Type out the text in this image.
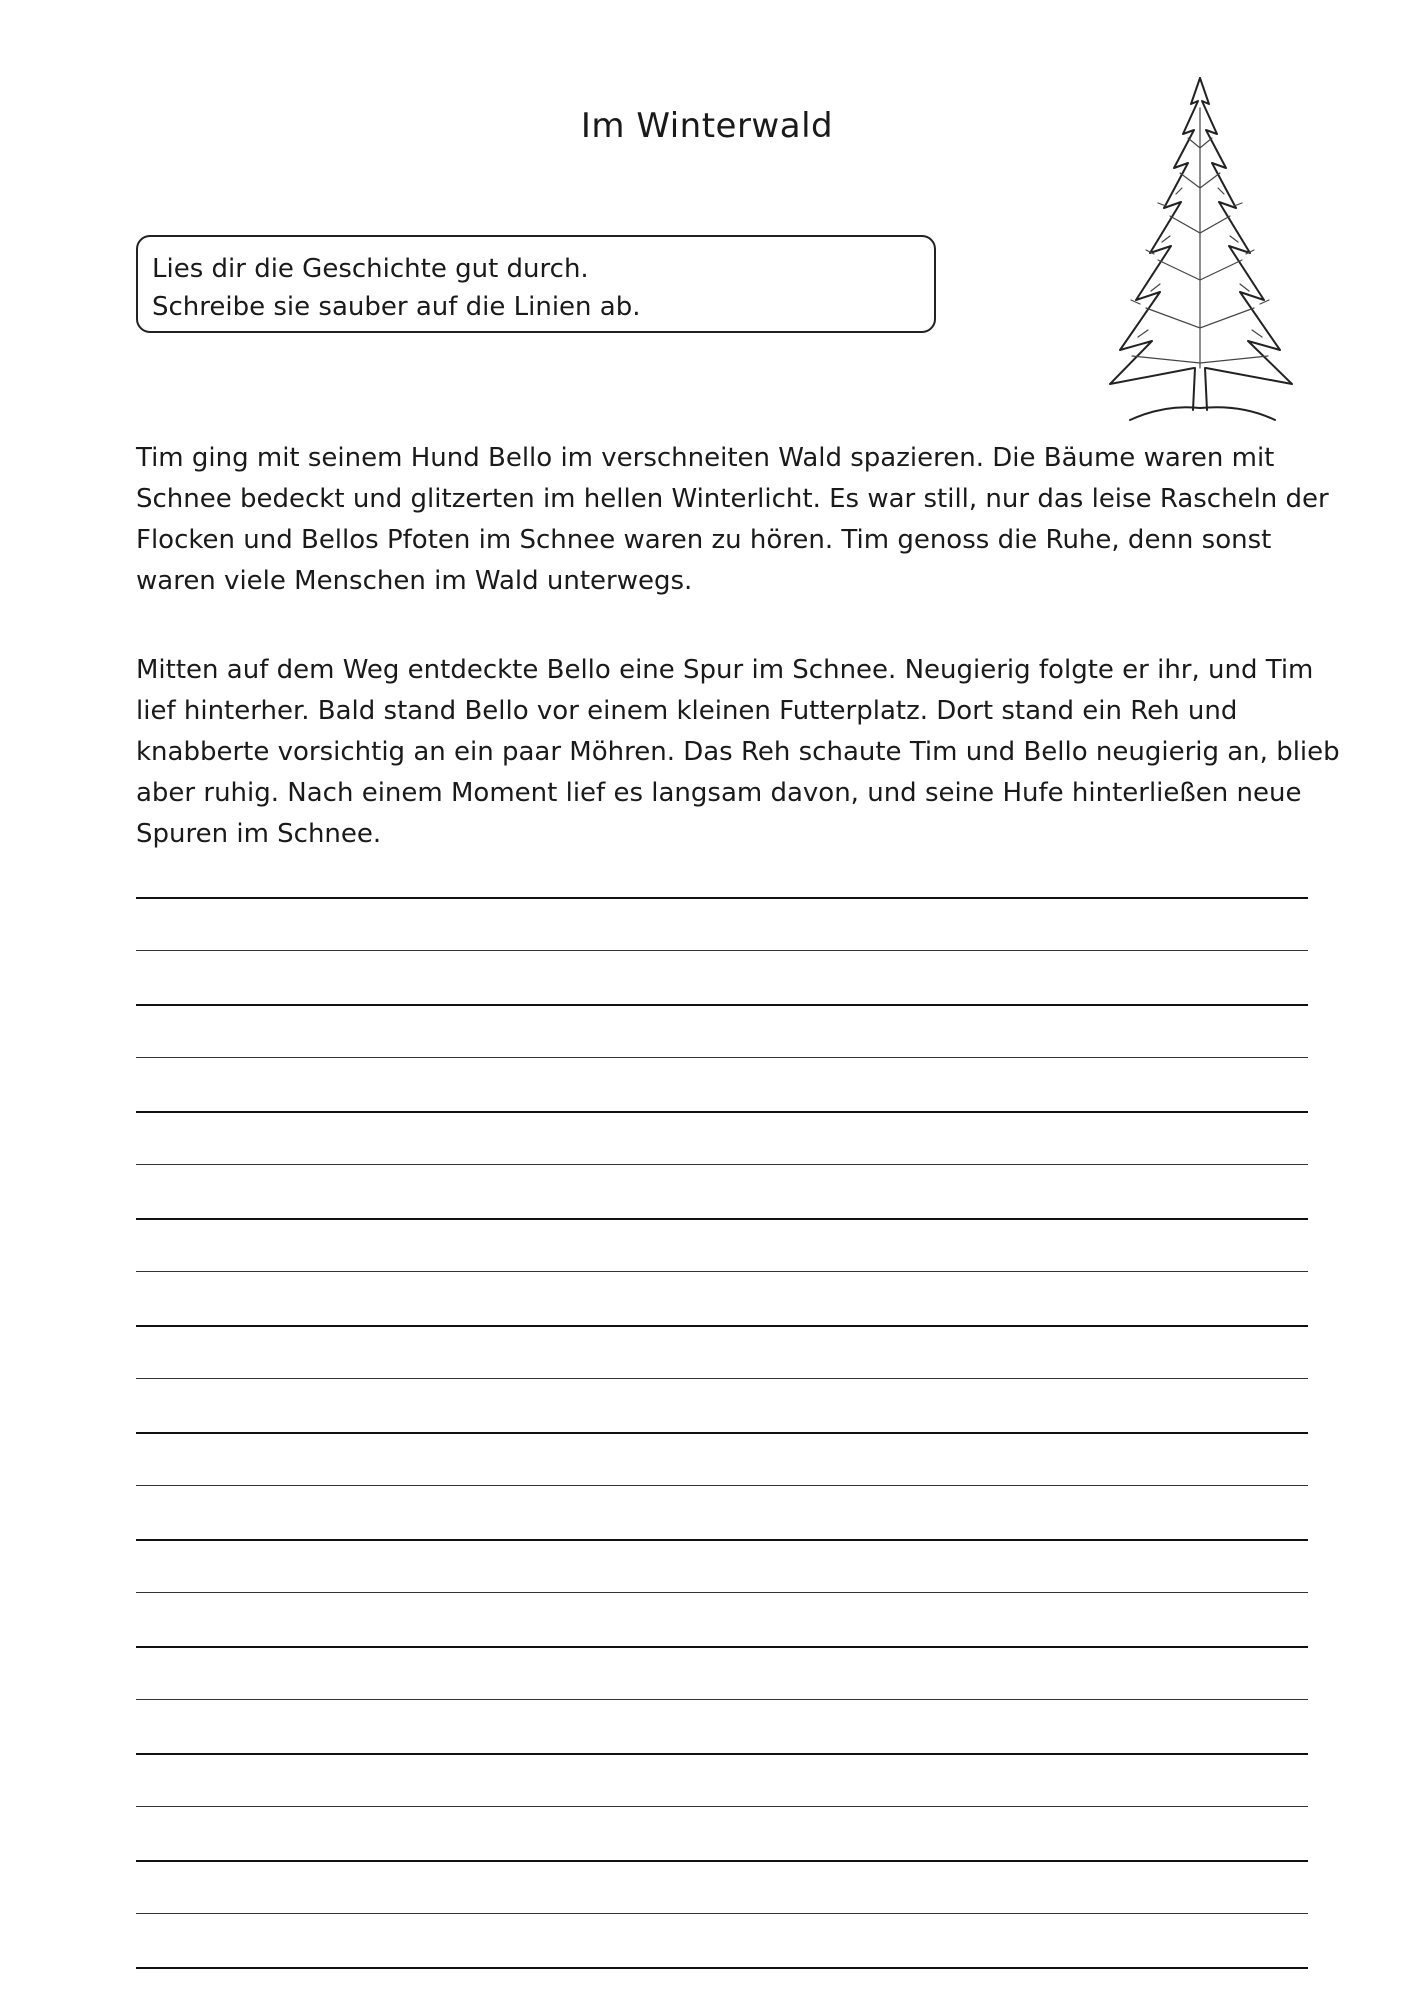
Im Winterwald
Lies dir die Geschichte gut durch.
Schreibe sie sauber auf die Linien ab.

Tim ging mit seinem Hund Bello im verschneiten Wald spazieren. Die Bäume waren mit

Schnee bedeckt und glitzerten im hellen Winterlicht. Es war still, nur das leise Rascheln der

Flocken und Bellos Pfoten im Schnee waren zu hören. Tim genoss die Ruhe, denn sonst

waren viele Menschen im Wald unterwegs.

Mitten auf dem Weg entdeckte Bello eine Spur im Schnee. Neugierig folgte er ihr, und Tim

lief hinterher. Bald stand Bello vor einem kleinen Futterplatz. Dort stand ein Reh und

knabberte vorsichtig an ein paar Möhren. Das Reh schaute Tim und Bello neugierig an, blieb

aber ruhig. Nach einem Moment lief es langsam davon, und seine Hufe hinterließen neue

Spuren im Schnee.
